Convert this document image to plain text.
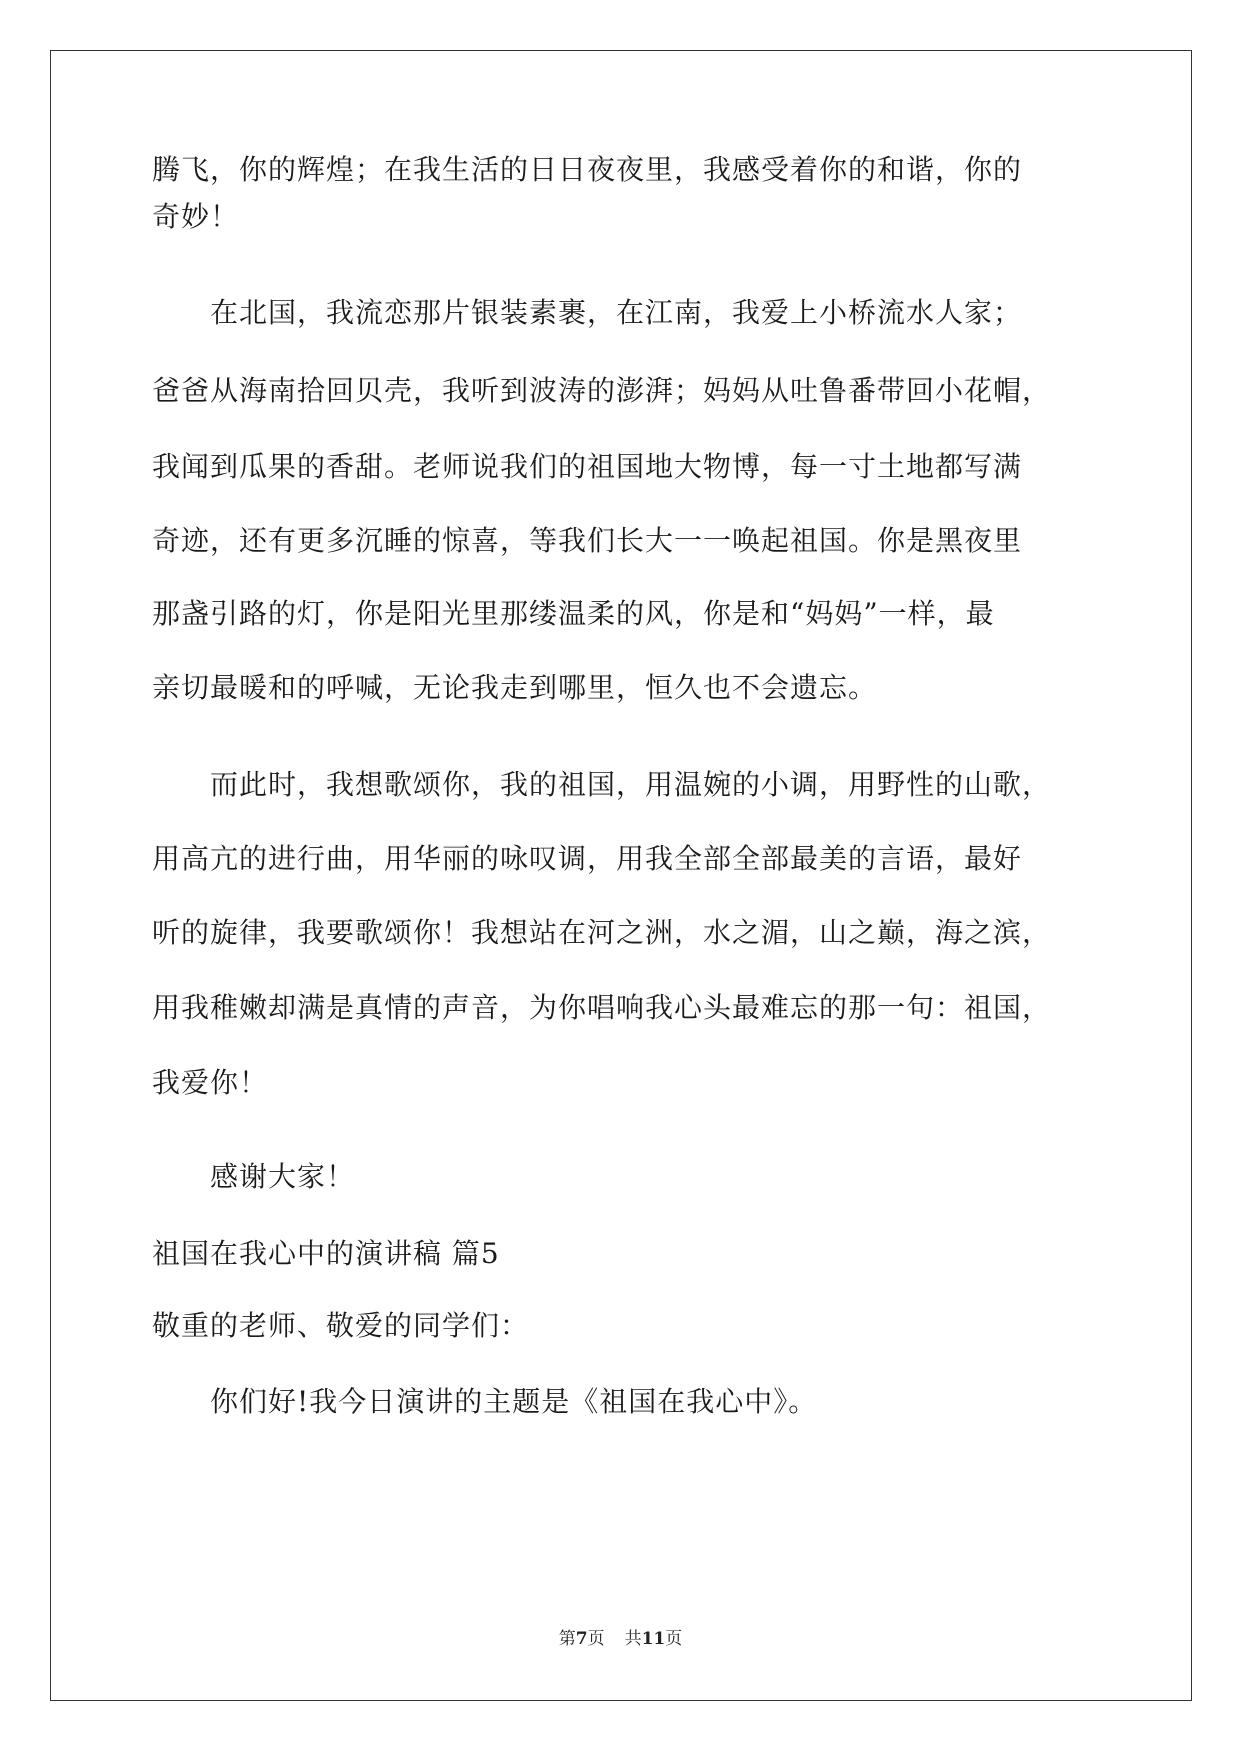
腾飞，你的辉煌；在我生活的日日夜夜里，我感受着你的和谐，你的
奇妙！
　　在北国，我流恋那片银装素裹，在江南，我爱上小桥流水人家；
爸爸从海南拾回贝壳，我听到波涛的澎湃；妈妈从吐鲁番带回小花帽，
我闻到瓜果的香甜。老师说我们的祖国地大物博，每一寸土地都写满
奇迹，还有更多沉睡的惊喜，等我们长大一一唤起祖国。你是黑夜里
那盏引路的灯，你是阳光里那缕温柔的风，你是和“妈妈”一样，最
亲切最暖和的呼喊，无论我走到哪里，恒久也不会遗忘。
　　而此时，我想歌颂你，我的祖国，用温婉的小调，用野性的山歌，
用高亢的进行曲，用华丽的咏叹调，用我全部全部最美的言语，最好
听的旋律，我要歌颂你！我想站在河之洲，水之湄，山之巅，海之滨，
用我稚嫩却满是真情的声音，为你唱响我心头最难忘的那一句：祖国，
我爱你！
　　感谢大家！
祖国在我心中的演讲稿 篇5
敬重的老师、敬爱的同学们：
　　你们好!我今日演讲的主题是《祖国在我心中》。
第7页 共11页
